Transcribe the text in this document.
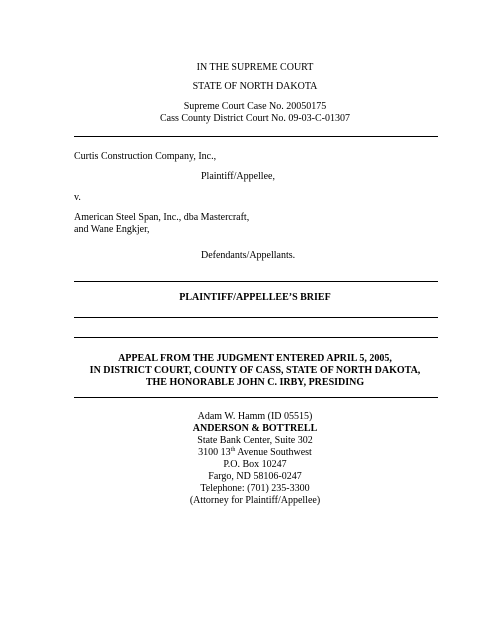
IN THE SUPREME COURT
STATE OF NORTH DAKOTA
Supreme Court Case No. 20050175
Cass County District Court No. 09-03-C-01307
Curtis Construction Company, Inc.,
Plaintiff/Appellee,
v.
American Steel Span, Inc., dba Mastercraft,
and Wane Engkjer,
Defendants/Appellants.
PLAINTIFF/APPELLEE’S BRIEF
APPEAL FROM THE JUDGMENT ENTERED APRIL 5, 2005,
IN DISTRICT COURT, COUNTY OF CASS, STATE OF NORTH DAKOTA,
THE HONORABLE JOHN C. IRBY, PRESIDING
Adam W. Hamm (ID 05515)
ANDERSON & BOTTRELL
State Bank Center, Suite 302
3100 13th Avenue Southwest
P.O. Box 10247
Fargo, ND 58106-0247
Telephone: (701) 235-3300
(Attorney for Plaintiff/Appellee)
